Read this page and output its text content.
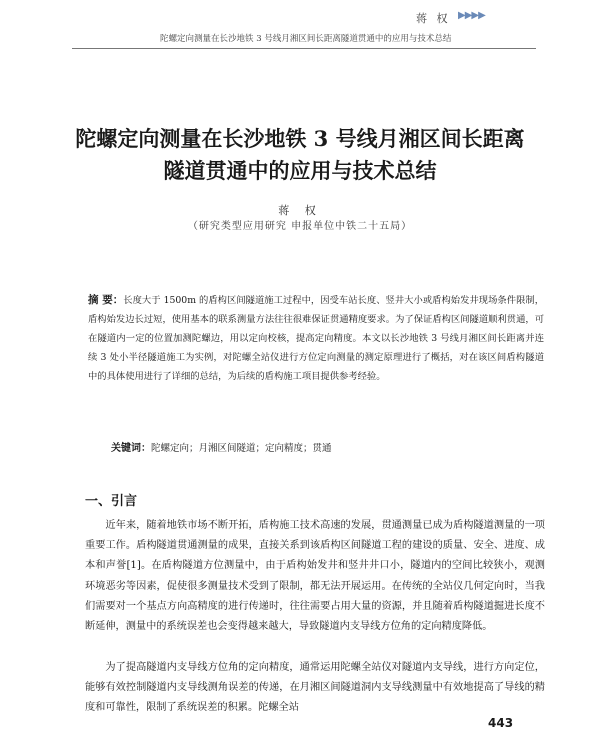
蒋 权 ▶▶▶▶
陀螺定向测量在长沙地铁 3 号线月湘区间长距离隧道贯通中的应用与技术总结
陀螺定向测量在长沙地铁 3 号线月湘区间长距离
隧道贯通中的应用与技术总结
蒋 权
（研究类型应用研究 申报单位中铁二十五局）

摘 要：长度大于 1500m 的盾构区间隧道施工过程中，因受车站长度、竖井大小或盾构始发井现场条件限制，盾构始发边长过短，使用基本的联系测量方法往往很难保证贯通精度要求。为了保证盾构区间隧道顺利贯通，可在隧道内一定的位置加测陀螺边，用以定向校核，提高定向精度。本文以长沙地铁 3 号线月湘区间长距离并连续 3 处小半径隧道施工为实例，对陀螺全站仪进行方位定向测量的测定原理进行了概括，对在该区间盾构隧道中的具体使用进行了详细的总结，为后续的盾构施工项目提供参考经验。

关键词：陀螺定向；月湘区间隧道；定向精度；贯通

一、引言

近年来，随着地铁市场不断开拓，盾构施工技术高速的发展，贯通测量已成为盾构隧道测量的一项重要工作。盾构隧道贯通测量的成果，直接关系到该盾构区间隧道工程的建设的质量、安全、进度、成本和声誉[1]。在盾构隧道方位测量中，由于盾构始发井和竖井井口小，隧道内的空间比较狭小，观测环境恶劣等因素，促使很多测量技术受到了限制，都无法开展运用。在传统的全站仪几何定向时，当我们需要对一个基点方向高精度的进行传递时，往往需要占用大量的资源，并且随着盾构隧道掘进长度不断延伸，测量中的系统误差也会变得越来越大，导致隧道内支导线方位角的定向精度降低。

为了提高隧道内支导线方位角的定向精度，通常运用陀螺全站仪对隧道内支导线，进行方向定位，能够有效控制隧道内支导线测角误差的传递，在月湘区间隧道洞内支导线测量中有效地提高了导线的精度和可靠性，限制了系统误差的积累。陀螺全站

443
